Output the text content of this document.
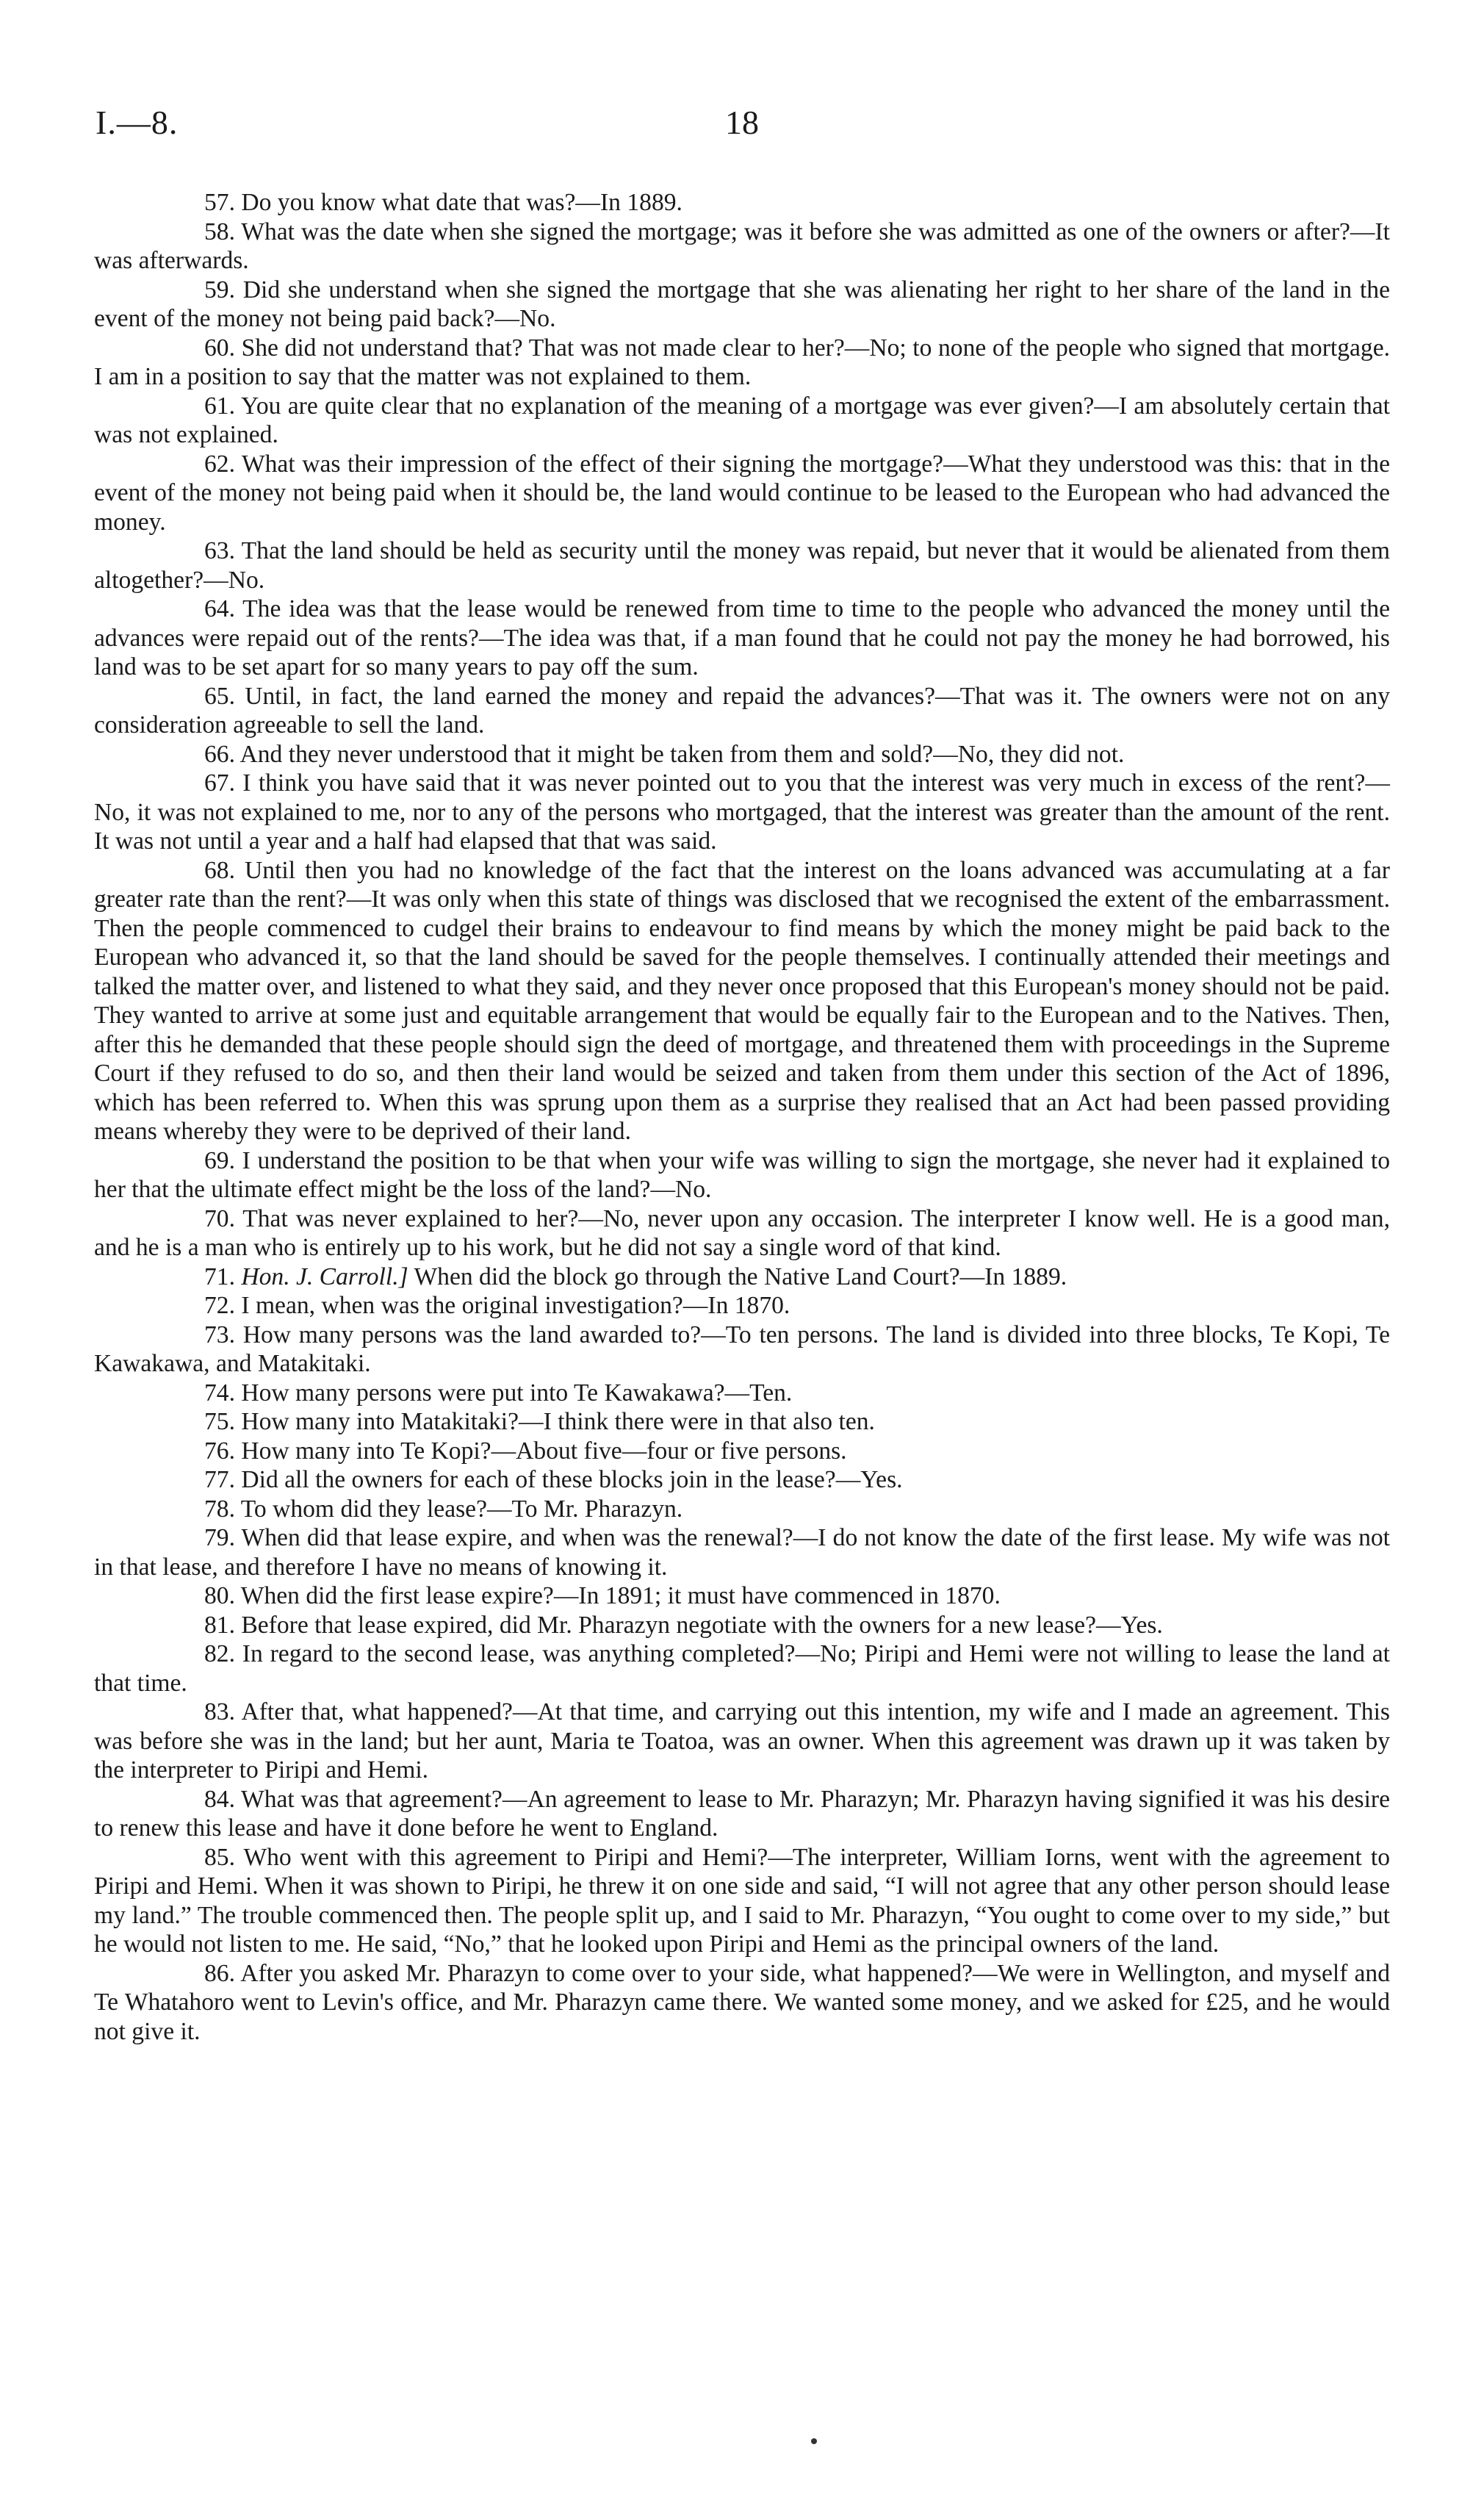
I.—8.	18

57. Do you know what date that was?—In 1889.

58. What was the date when she signed the mortgage; was it before she was admitted as one of the owners or after?—It was afterwards.

59. Did she understand when she signed the mortgage that she was alienating her right to her share of the land in the event of the money not being paid back?—No.

60. She did not understand that? That was not made clear to her?—No; to none of the people who signed that mortgage. I am in a position to say that the matter was not explained to them.

61. You are quite clear that no explanation of the meaning of a mortgage was ever given?—I am absolutely certain that was not explained.

62. What was their impression of the effect of their signing the mortgage?—What they understood was this: that in the event of the money not being paid when it should be, the land would continue to be leased to the European who had advanced the money.

63. That the land should be held as security until the money was repaid, but never that it would be alienated from them altogether?—No.

64. The idea was that the lease would be renewed from time to time to the people who advanced the money until the advances were repaid out of the rents?—The idea was that, if a man found that he could not pay the money he had borrowed, his land was to be set apart for so many years to pay off the sum.

65. Until, in fact, the land earned the money and repaid the advances?—That was it. The owners were not on any consideration agreeable to sell the land.

66. And they never understood that it might be taken from them and sold?—No, they did not.

67. I think you have said that it was never pointed out to you that the interest was very much in excess of the rent?—No, it was not explained to me, nor to any of the persons who mortgaged, that the interest was greater than the amount of the rent. It was not until a year and a half had elapsed that that was said.

68. Until then you had no knowledge of the fact that the interest on the loans advanced was accumulating at a far greater rate than the rent?—It was only when this state of things was disclosed that we recognised the extent of the embarrassment. Then the people commenced to cudgel their brains to endeavour to find means by which the money might be paid back to the European who advanced it, so that the land should be saved for the people themselves. I continually attended their meetings and talked the matter over, and listened to what they said, and they never once proposed that this European's money should not be paid. They wanted to arrive at some just and equitable arrangement that would be equally fair to the European and to the Natives. Then, after this he demanded that these people should sign the deed of mortgage, and threatened them with proceedings in the Supreme Court if they refused to do so, and then their land would be seized and taken from them under this section of the Act of 1896, which has been referred to. When this was sprung upon them as a surprise they realised that an Act had been passed providing means whereby they were to be deprived of their land.

69. I understand the position to be that when your wife was willing to sign the mortgage, she never had it explained to her that the ultimate effect might be the loss of the land?—No.

70. That was never explained to her?—No, never upon any occasion. The interpreter I know well. He is a good man, and he is a man who is entirely up to his work, but he did not say a single word of that kind.

71. Hon. J. Carroll.] When did the block go through the Native Land Court?—In 1889.

72. I mean, when was the original investigation?—In 1870.

73. How many persons was the land awarded to?—To ten persons. The land is divided into three blocks, Te Kopi, Te Kawakawa, and Matakitaki.

74. How many persons were put into Te Kawakawa?—Ten.

75. How many into Matakitaki?—I think there were in that also ten.

76. How many into Te Kopi?—About five—four or five persons.

77. Did all the owners for each of these blocks join in the lease?—Yes.

78. To whom did they lease?—To Mr. Pharazyn.

79. When did that lease expire, and when was the renewal?—I do not know the date of the first lease. My wife was not in that lease, and therefore I have no means of knowing it.

80. When did the first lease expire?—In 1891; it must have commenced in 1870.

81. Before that lease expired, did Mr. Pharazyn negotiate with the owners for a new lease?—Yes.

82. In regard to the second lease, was anything completed?—No; Piripi and Hemi were not willing to lease the land at that time.

83. After that, what happened?—At that time, and carrying out this intention, my wife and I made an agreement. This was before she was in the land; but her aunt, Maria te Toatoa, was an owner. When this agreement was drawn up it was taken by the interpreter to Piripi and Hemi.

84. What was that agreement?—An agreement to lease to Mr. Pharazyn; Mr. Pharazyn having signified it was his desire to renew this lease and have it done before he went to England.

85. Who went with this agreement to Piripi and Hemi?—The interpreter, William Iorns, went with the agreement to Piripi and Hemi. When it was shown to Piripi, he threw it on one side and said, “I will not agree that any other person should lease my land.” The trouble commenced then. The people split up, and I said to Mr. Pharazyn, “You ought to come over to my side,” but he would not listen to me. He said, “No,” that he looked upon Piripi and Hemi as the principal owners of the land.

86. After you asked Mr. Pharazyn to come over to your side, what happened?—We were in Wellington, and myself and Te Whatahoro went to Levin's office, and Mr. Pharazyn came there. We wanted some money, and we asked for £25, and he would not give it.
